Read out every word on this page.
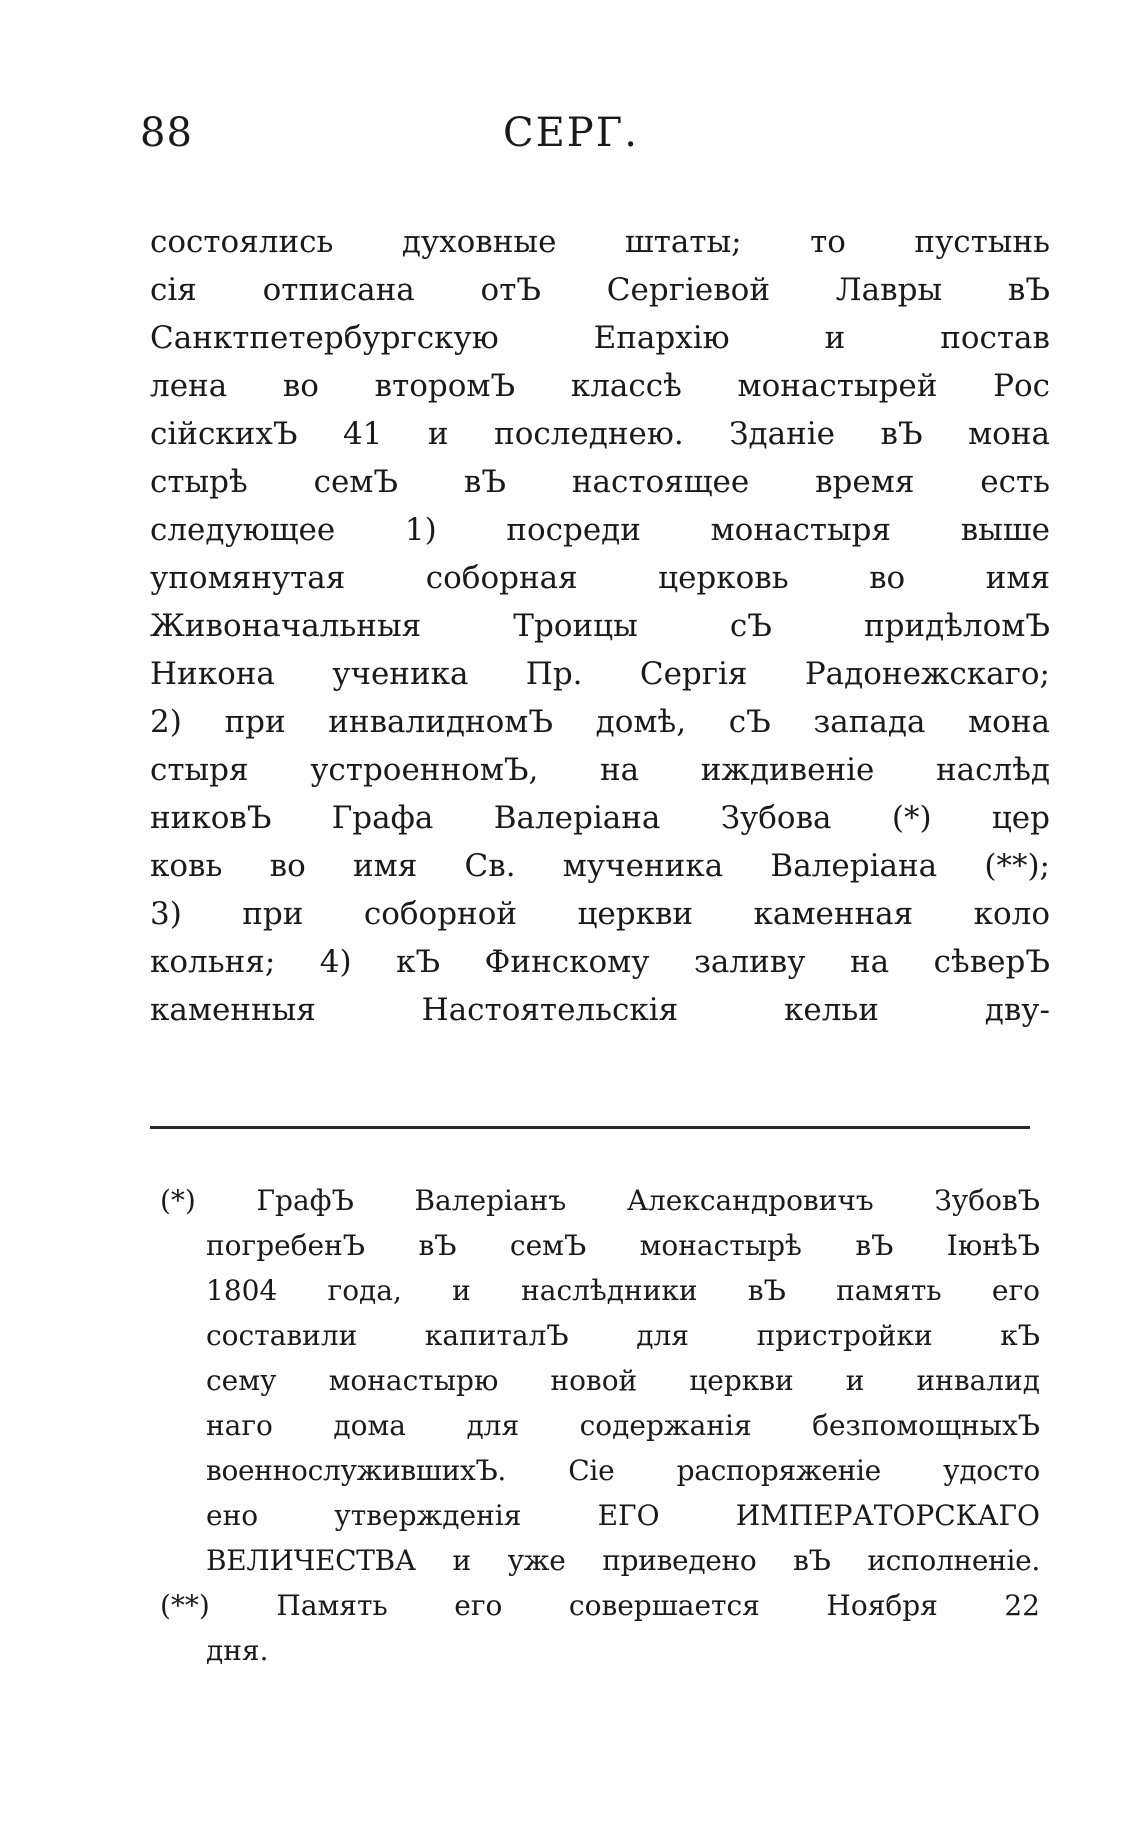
88	СЕРГ.
состоялись духовные штаты; то пустынь
сія отписана отЪ Сергіевой Лавры вЪ
Санктпетербургскую Епархію и постав
лена во второмЪ классѣ монастырей Рос
сійскихЪ 41 и последнею. Зданіе вЪ мона
стырѣ семЪ вЪ настоящее время есть
следующее 1) посреди монастыря выше
упомянутая соборная церковь во имя
Живоначальныя Троицы сЪ придѣломЪ
Никона ученика Пр. Сергія Радонежскаго;
2) при инвалидномЪ домѣ, сЪ запада мона
стыря устроенномЪ, на иждивеніе наслѣд
никовЪ Графа Валеріана Зубова (*) цер
ковь во имя Св. мученика Валеріана (**);
3) при соборной церкви каменная коло
кольня; 4) кЪ Финскому заливу на сѣверЪ
каменныя Настоятельскія кельи дву-
(*) ГрафЪ Валеріанъ Александровичъ ЗубовЪ
погребенЪ вЪ семЪ монастырѣ вЪ ІюнѣЪ
1804 года, и наслѣдники вЪ память его
составили капиталЪ для пристройки кЪ
сему монастырю новой церкви и инвалид
наго дома для содержанія безпомощныхЪ
военнослужившихЪ. Сіе распоряженіе удосто
ено утвержденія ЕГО ИМПЕРАТОРСКАГО
ВЕЛИЧЕСТВА и уже приведено вЪ исполненіе.
(**) Память его совершается Ноября 22
дня.
